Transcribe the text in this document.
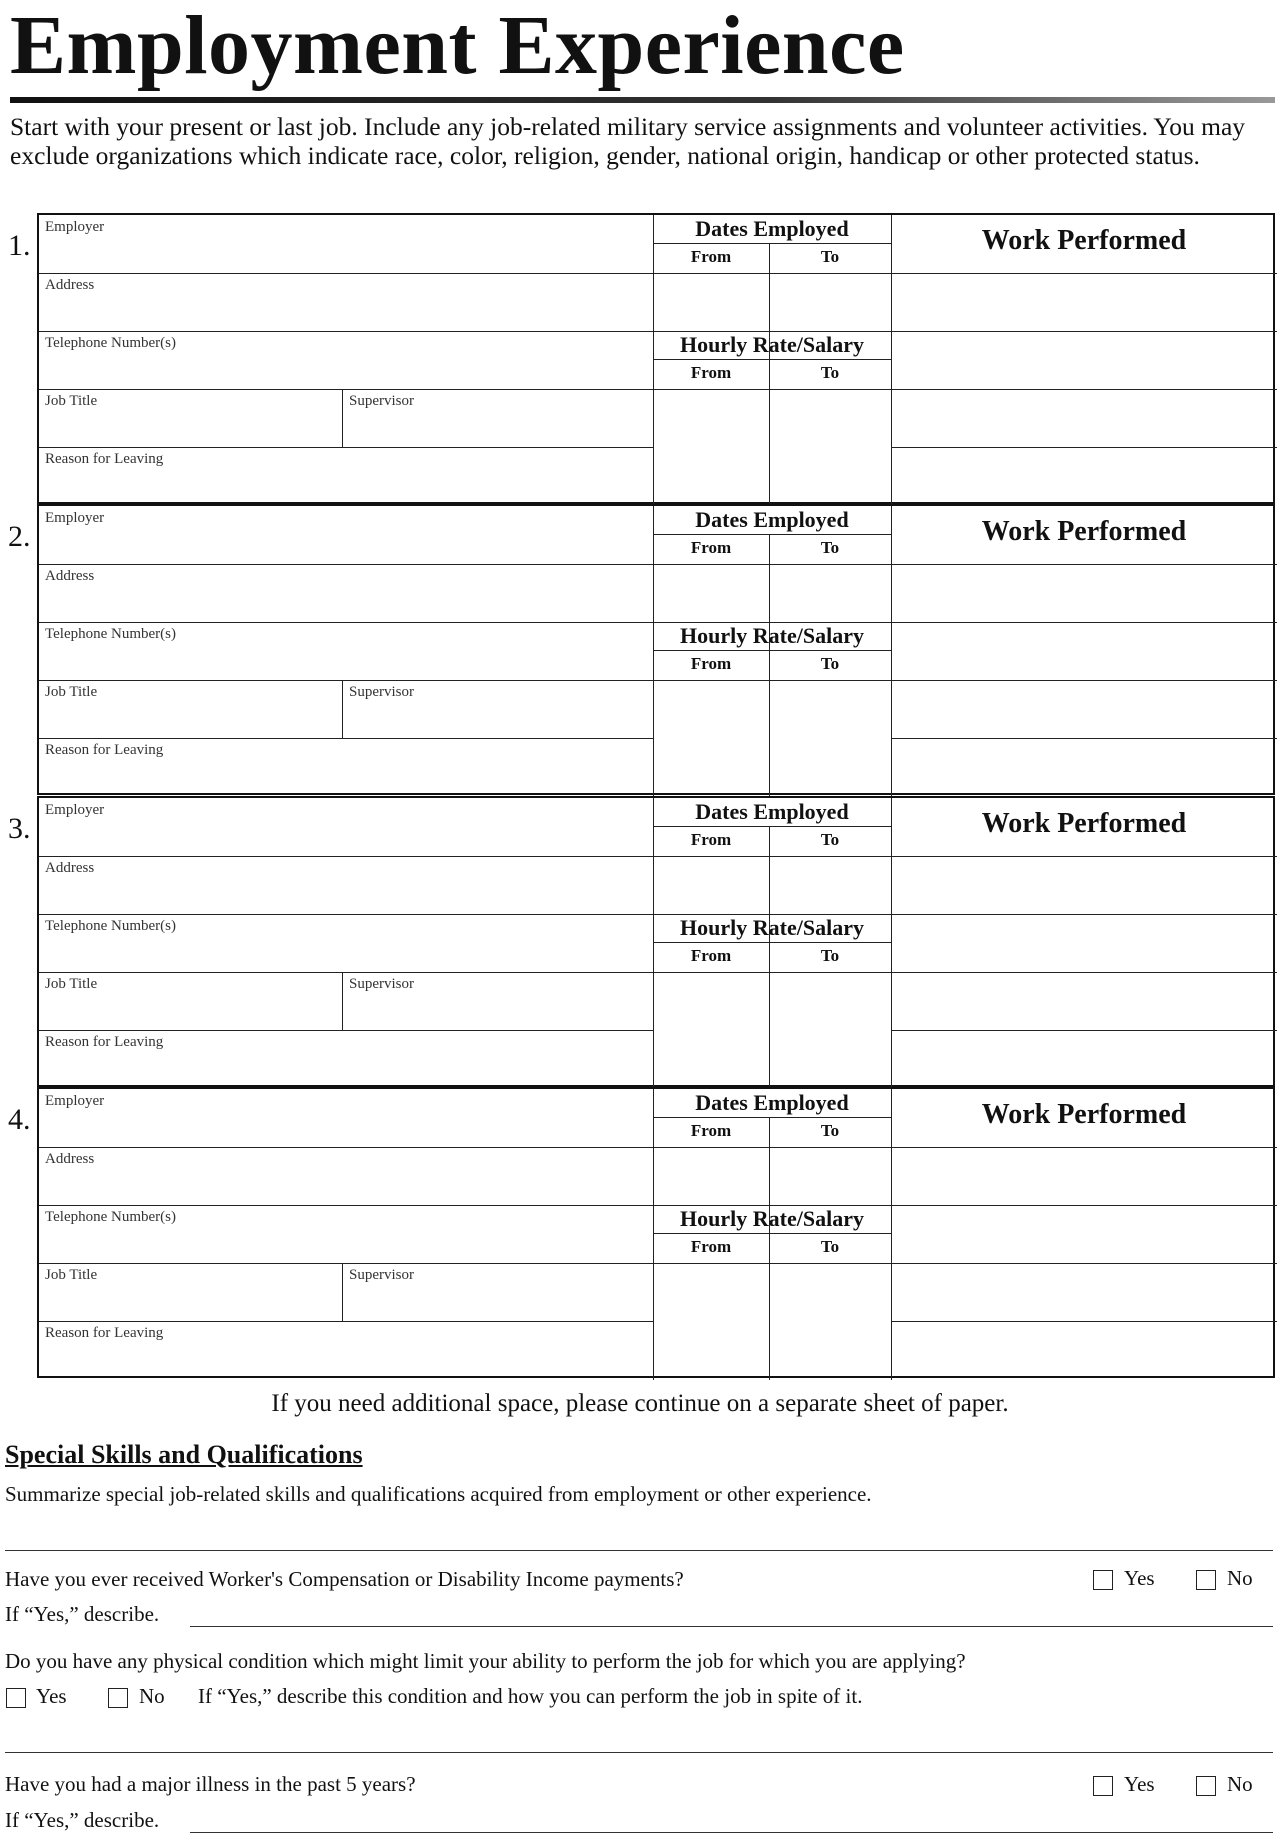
Employment Experience
Start with your present or last job. Include any job-related military service assignments and volunteer activities. You may exclude organizations which indicate race, color, religion, gender, national origin, handicap or other protected status.
1.
Employer
Address
Telephone Number(s)
Job Title	Supervisor
Reason for Leaving
Dates Employed
From	To
Hourly Rate/Salary
From	To
Work Performed
2.
Employer
Address
Telephone Number(s)
Job Title	Supervisor
Reason for Leaving
Dates Employed
From	To
Hourly Rate/Salary
From	To
Work Performed
3.
Employer
Address
Telephone Number(s)
Job Title	Supervisor
Reason for Leaving
Dates Employed
From	To
Hourly Rate/Salary
From	To
Work Performed
4.
Employer
Address
Telephone Number(s)
Job Title	Supervisor
Reason for Leaving
Dates Employed
From	To
Hourly Rate/Salary
From	To
Work Performed
If you need additional space, please continue on a separate sheet of paper.
Special Skills and Qualifications
Summarize special job-related skills and qualifications acquired from employment or other experience.
Have you ever received Worker's Compensation or Disability Income payments?	Yes	No
If “Yes,” describe.
Do you have any physical condition which might limit your ability to perform the job for which you are applying?
Yes	No If “Yes,” describe this condition and how you can perform the job in spite of it.
Have you had a major illness in the past 5 years?	Yes	No
If “Yes,” describe.
